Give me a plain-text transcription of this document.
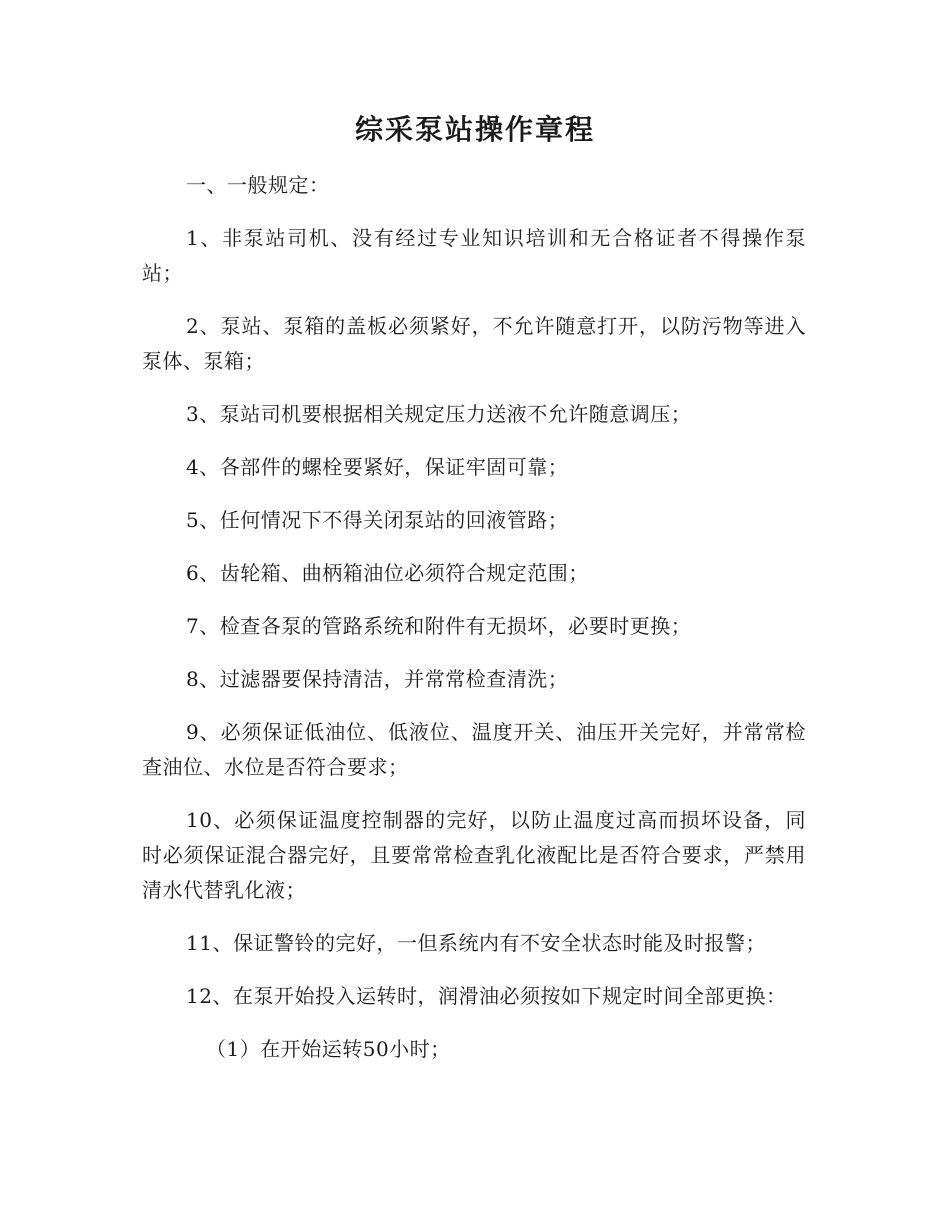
综采泵站操作章程

一、一般规定：

1、非泵站司机、没有经过专业知识培训和无合格证者不得操作泵站；

2、泵站、泵箱的盖板必须紧好，不允许随意打开，以防污物等进入泵体、泵箱；

3、泵站司机要根据相关规定压力送液不允许随意调压；

4、各部件的螺栓要紧好，保证牢固可靠；

5、任何情况下不得关闭泵站的回液管路；

6、齿轮箱、曲柄箱油位必须符合规定范围；

7、检查各泵的管路系统和附件有无损坏，必要时更换；

8、过滤器要保持清洁，并常常检查清洗；

9、必须保证低油位、低液位、温度开关、油压开关完好，并常常检查油位、水位是否符合要求；

10、必须保证温度控制器的完好，以防止温度过高而损坏设备，同时必须保证混合器完好，且要常常检查乳化液配比是否符合要求，严禁用清水代替乳化液；

11、保证警铃的完好，一但系统内有不安全状态时能及时报警；

12、在泵开始投入运转时，润滑油必须按如下规定时间全部更换：

（1）在开始运转50小时；
